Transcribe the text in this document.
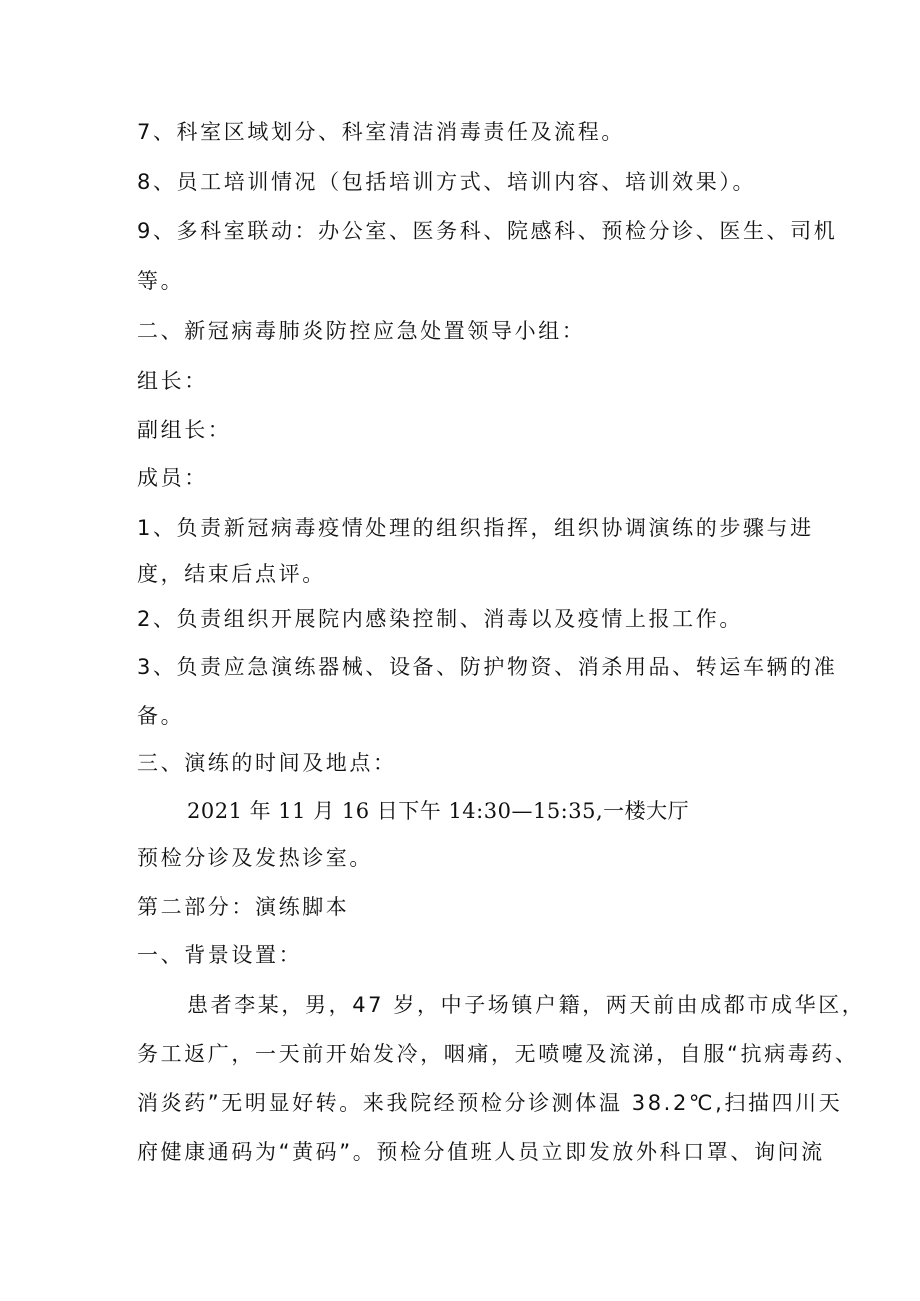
7、科室区域划分、科室清洁消毒责任及流程。
8、员工培训情况（包括培训方式、培训内容、培训效果）。
9、多科室联动：办公室、医务科、院感科、预检分诊、医生、司机
等。
二、新冠病毒肺炎防控应急处置领导小组：
组长：
副组长：
成员：
1、负责新冠病毒疫情处理的组织指挥，组织协调演练的步骤与进
度，结束后点评。
2、负责组织开展院内感染控制、消毒以及疫情上报工作。
3、负责应急演练器械、设备、防护物资、消杀用品、转运车辆的准
备。
三、演练的时间及地点：
2021 年 11 月 16 日下午 14:30—15:35,一楼大厅
预检分诊及发热诊室。
第二部分：演练脚本
一、背景设置：
患者李某，男，47 岁，中子场镇户籍，两天前由成都市成华区，
务工返广，一天前开始发冷，咽痛，无喷嚏及流涕，自服“抗病毒药、
消炎药”无明显好转。来我院经预检分诊测体温 38.2℃,扫描四川天
府健康通码为“黄码”。预检分值班人员立即发放外科口罩、询问流
